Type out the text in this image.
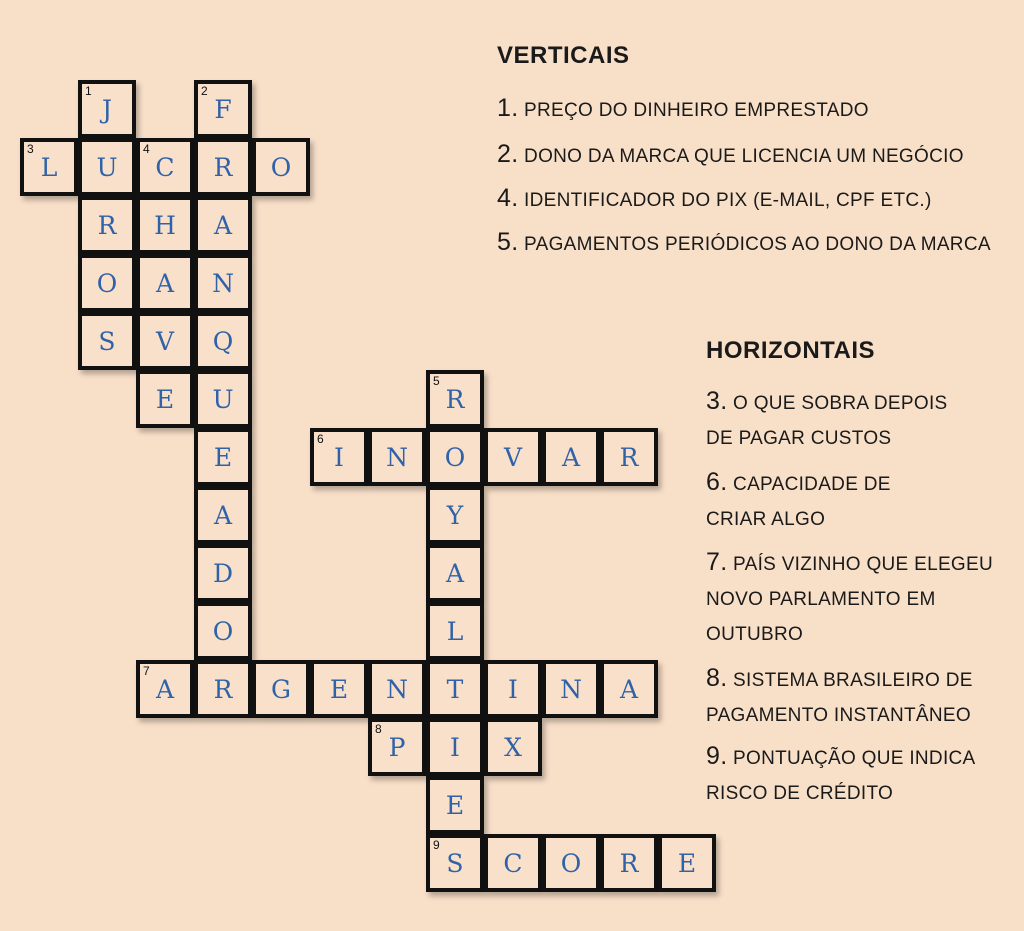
1
J
2
F
3
L	U
4
C	R	O
R	H	A
O	A	N
S	V	Q
E	U
5
R
E
6
I	N	O	V	A	R
A	Y
D	A
O	L
7
A	R	G	E	N	T	I	N	A
8
P	I	X
E
9
S	C	O	R	E
VERTICAIS
1. PREÇO DO DINHEIRO EMPRESTADO
2. DONO DA MARCA QUE LICENCIA UM NEGÓCIO
4. IDENTIFICADOR DO PIX (E-MAIL, CPF ETC.)
5. PAGAMENTOS PERIÓDICOS AO DONO DA MARCA
HORIZONTAIS
3. O QUE SOBRA DEPOIS
DE PAGAR CUSTOS
6. CAPACIDADE DE
CRIAR ALGO
7. PAÍS VIZINHO QUE ELEGEU
NOVO PARLAMENTO EM
OUTUBRO
8. SISTEMA BRASILEIRO DE
PAGAMENTO INSTANTÂNEO
9. PONTUAÇÃO QUE INDICA
RISCO DE CRÉDITO
